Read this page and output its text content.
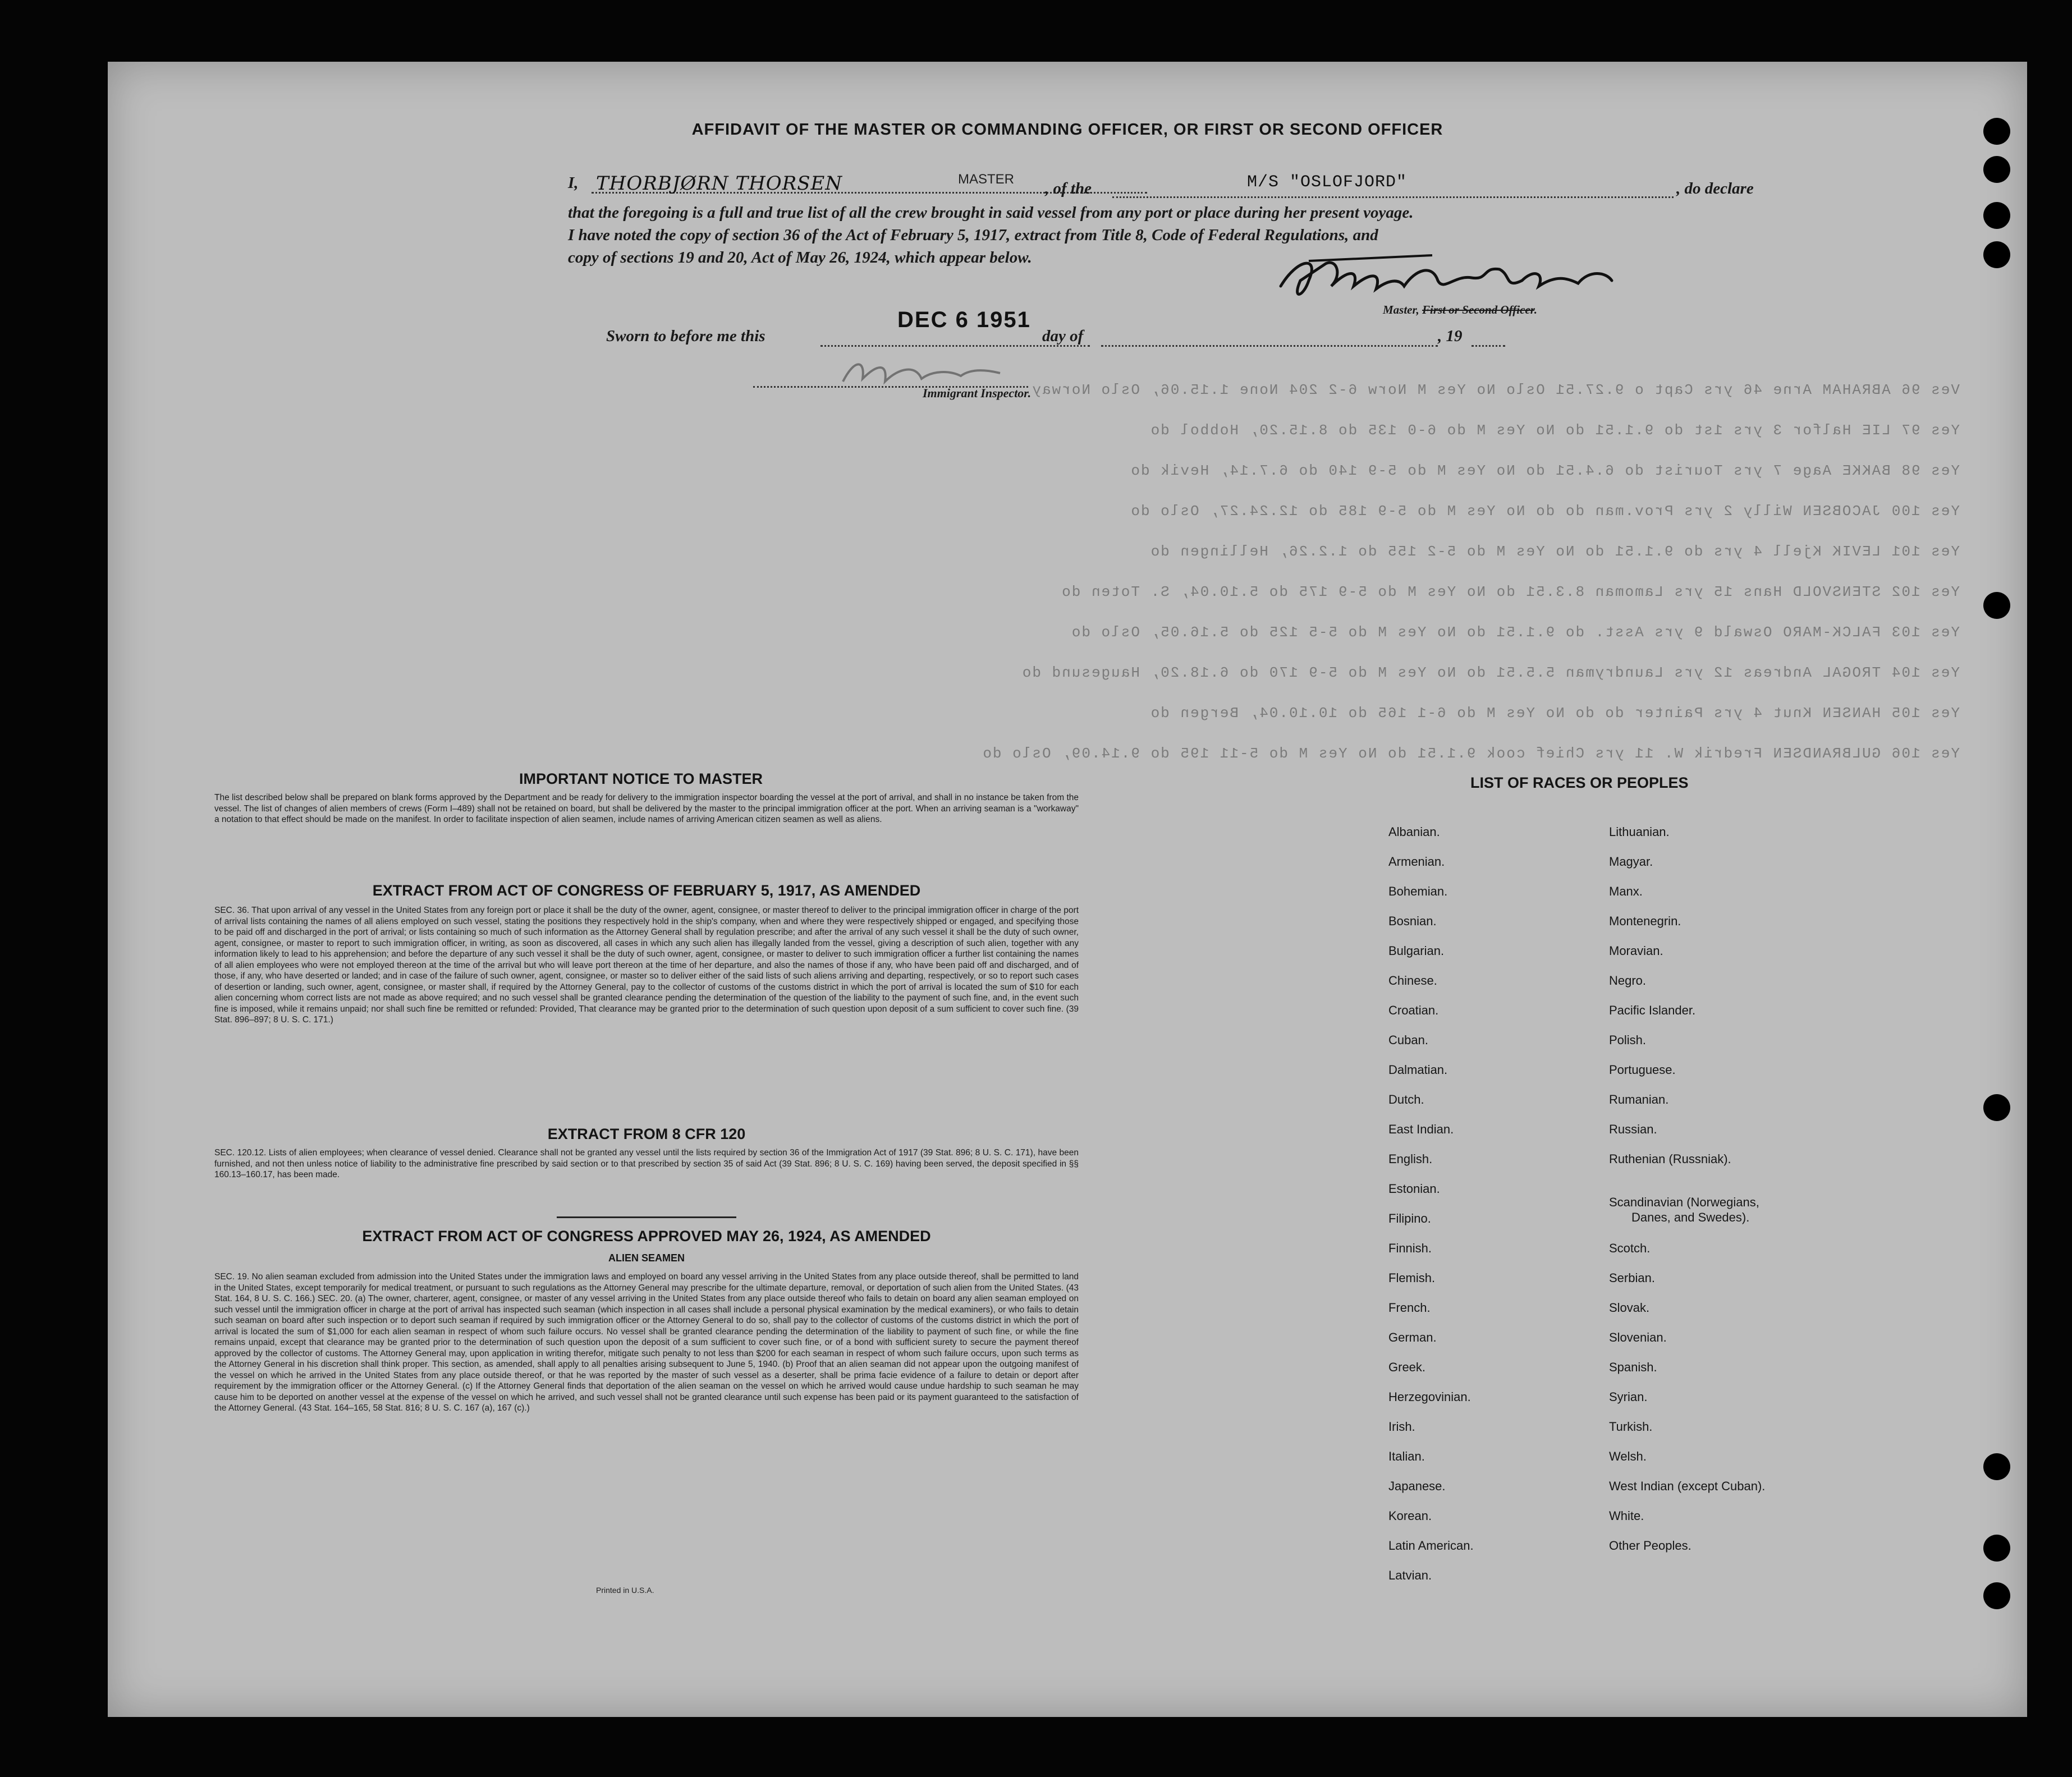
Ves 96 ABRAHAM Arne 46 yrs Capt o 9.27.51 Oslo No Yes M Norw 6-2 204 None 1.15.06, Oslo Norway
Yes 97 LIE Halfor 3 yrs 1st do 9.1.51 do No Yes M do 6-0 135 do 8.15.20, Hobbol do
Yes 98 BAKKE Aage 7 yrs Tourist do 6.4.51 do No Yes M do 5-9 140 do 6.7.14, Hevik do
Yes 100 JACOBSEN Willy 2 yrs Prov.man do do No Yes M do 5-9 185 do 12.24.27, Oslo do
Yes 101 LEVIK Kjell 4 yrs do 9.1.51 do No Yes M do 5-2 155 do 1.2.26, Hellingen do
Yes 102 STENSVOLD Hans 15 yrs Lamoman 8.3.51 do No Yes M do 5-9 175 do 5.10.04, S. Toten do
Yes 103 FALCK-MARO Oswald 9 yrs Asst. do 9.1.51 do No Yes M do 5-5 125 do 5.16.05, Oslo do
Yes 104 TROGAL Andreas 12 yrs Laundryman 5.5.51 do No Yes M do 5-9 170 do 6.18.20, Haugesund do
Yes 105 HANSEN Knut 4 yrs Painter do do No Yes M do 6-1 165 do 10.10.04, Bergen do
Yes 106 GULBRANDSEN Fredrik W. 11 yrs Chief cook 9.1.51 do No Yes M do 5-11 195 do 9.14.09, Oslo do
AFFIDAVIT OF THE MASTER OR COMMANDING OFFICER, OR FIRST OR SECOND OFFICER
I, THORBJØRN THORSEN	MASTER
, of the	M/S "OSLOFJORD"	, do declare
that the foregoing is a full and true list of all the crew brought in said vessel from any port or place during her present voyage.
I have noted the copy of section 36 of the Act of February 5, 1917, extract from Title 8, Code of Federal Regulations, and
copy of sections 19 and 20, Act of May 26, 1924, which appear below.
Master, First or Second Officer.
Sworn to before me this
DEC 6 1951
day of	, 19
Immigrant Inspector.
IMPORTANT NOTICE TO MASTER
The list described below shall be prepared on blank forms approved by the Department and be ready for delivery to the immigration inspector boarding the vessel at the port of arrival, and shall in no instance be taken from the vessel. The list of changes of alien members of crews (Form I–489) shall not be retained on board, but shall be delivered by the master to the principal immigration officer at the port. When an arriving seaman is a "workaway" a notation to that effect should be made on the manifest. In order to facilitate inspection of alien seamen, include names of arriving American citizen seamen as well as aliens.
EXTRACT FROM ACT OF CONGRESS OF FEBRUARY 5, 1917, AS AMENDED
SEC. 36. That upon arrival of any vessel in the United States from any foreign port or place it shall be the duty of the owner, agent, consignee, or master thereof to deliver to the principal immigration officer in charge of the port of arrival lists containing the names of all aliens employed on such vessel, stating the positions they respectively hold in the ship's company, when and where they were respectively shipped or engaged, and specifying those to be paid off and discharged in the port of arrival; or lists containing so much of such information as the Attorney General shall by regulation prescribe; and after the arrival of any such vessel it shall be the duty of such owner, agent, consignee, or master to report to such immigration officer, in writing, as soon as discovered, all cases in which any such alien has illegally landed from the vessel, giving a description of such alien, together with any information likely to lead to his apprehension; and before the departure of any such vessel it shall be the duty of such owner, agent, consignee, or master to deliver to such immigration officer a further list containing the names of all alien employees who were not employed thereon at the time of the arrival but who will leave port thereon at the time of her departure, and also the names of those if any, who have been paid off and discharged, and of those, if any, who have deserted or landed; and in case of the failure of such owner, agent, consignee, or master so to deliver either of the said lists of such aliens arriving and departing, respectively, or so to report such cases of desertion or landing, such owner, agent, consignee, or master shall, if required by the Attorney General, pay to the collector of customs of the customs district in which the port of arrival is located the sum of $10 for each alien concerning whom correct lists are not made as above required; and no such vessel shall be granted clearance pending the determination of the question of the liability to the payment of such fine, and, in the event such fine is imposed, while it remains unpaid; nor shall such fine be remitted or refunded: Provided, That clearance may be granted prior to the determination of such question upon deposit of a sum sufficient to cover such fine. (39 Stat. 896–897; 8 U. S. C. 171.)
EXTRACT FROM 8 CFR 120
SEC. 120.12. Lists of alien employees; when clearance of vessel denied. Clearance shall not be granted any vessel until the lists required by section 36 of the Immigration Act of 1917 (39 Stat. 896; 8 U. S. C. 171), have been furnished, and not then unless notice of liability to the administrative fine prescribed by said section or to that prescribed by section 35 of said Act (39 Stat. 896; 8 U. S. C. 169) having been served, the deposit specified in §§ 160.13–160.17, has been made.
EXTRACT FROM ACT OF CONGRESS APPROVED MAY 26, 1924, AS AMENDED
ALIEN SEAMEN
SEC. 19. No alien seaman excluded from admission into the United States under the immigration laws and employed on board any vessel arriving in the United States from any place outside thereof, shall be permitted to land in the United States, except temporarily for medical treatment, or pursuant to such regulations as the Attorney General may prescribe for the ultimate departure, removal, or deportation of such alien from the United States. (43 Stat. 164, 8 U. S. C. 166.) SEC. 20. (a) The owner, charterer, agent, consignee, or master of any vessel arriving in the United States from any place outside thereof who fails to detain on board any alien seaman employed on such vessel until the immigration officer in charge at the port of arrival has inspected such seaman (which inspection in all cases shall include a personal physical examination by the medical examiners), or who fails to detain such seaman on board after such inspection or to deport such seaman if required by such immigration officer or the Attorney General to do so, shall pay to the collector of customs of the customs district in which the port of arrival is located the sum of $1,000 for each alien seaman in respect of whom such failure occurs. No vessel shall be granted clearance pending the determination of the liability to payment of such fine, or while the fine remains unpaid, except that clearance may be granted prior to the determination of such question upon the deposit of a sum sufficient to cover such fine, or of a bond with sufficient surety to secure the payment thereof approved by the collector of customs. The Attorney General may, upon application in writing therefor, mitigate such penalty to not less than $200 for each seaman in respect of whom such failure occurs, upon such terms as the Attorney General in his discretion shall think proper. This section, as amended, shall apply to all penalties arising subsequent to June 5, 1940. (b) Proof that an alien seaman did not appear upon the outgoing manifest of the vessel on which he arrived in the United States from any place outside thereof, or that he was reported by the master of such vessel as a deserter, shall be prima facie evidence of a failure to detain or deport after requirement by the immigration officer or the Attorney General. (c) If the Attorney General finds that deportation of the alien seaman on the vessel on which he arrived would cause undue hardship to such seaman he may cause him to be deported on another vessel at the expense of the vessel on which he arrived, and such vessel shall not be granted clearance until such expense has been paid or its payment guaranteed to the satisfaction of the Attorney General. (43 Stat. 164–165, 58 Stat. 816; 8 U. S. C. 167 (a), 167 (c).)
Printed in U.S.A.
LIST OF RACES OR PEOPLES
Albanian.
Armenian.
Bohemian.
Bosnian.
Bulgarian.
Chinese.
Croatian.
Cuban.
Dalmatian.
Dutch.
East Indian.
English.
Estonian.
Filipino.
Finnish.
Flemish.
French.
German.
Greek.
Herzegovinian.
Irish.
Italian.
Japanese.
Korean.
Latin American.
Latvian.
Lithuanian.
Magyar.
Manx.
Montenegrin.
Moravian.
Negro.
Pacific Islander.
Polish.
Portuguese.
Rumanian.
Russian.
Ruthenian (Russniak).
Scandinavian (Norwegians,
Danes, and Swedes).
Scotch.
Serbian.
Slovak.
Slovenian.
Spanish.
Syrian.
Turkish.
Welsh.
West Indian (except Cuban).
White.
Other Peoples.
